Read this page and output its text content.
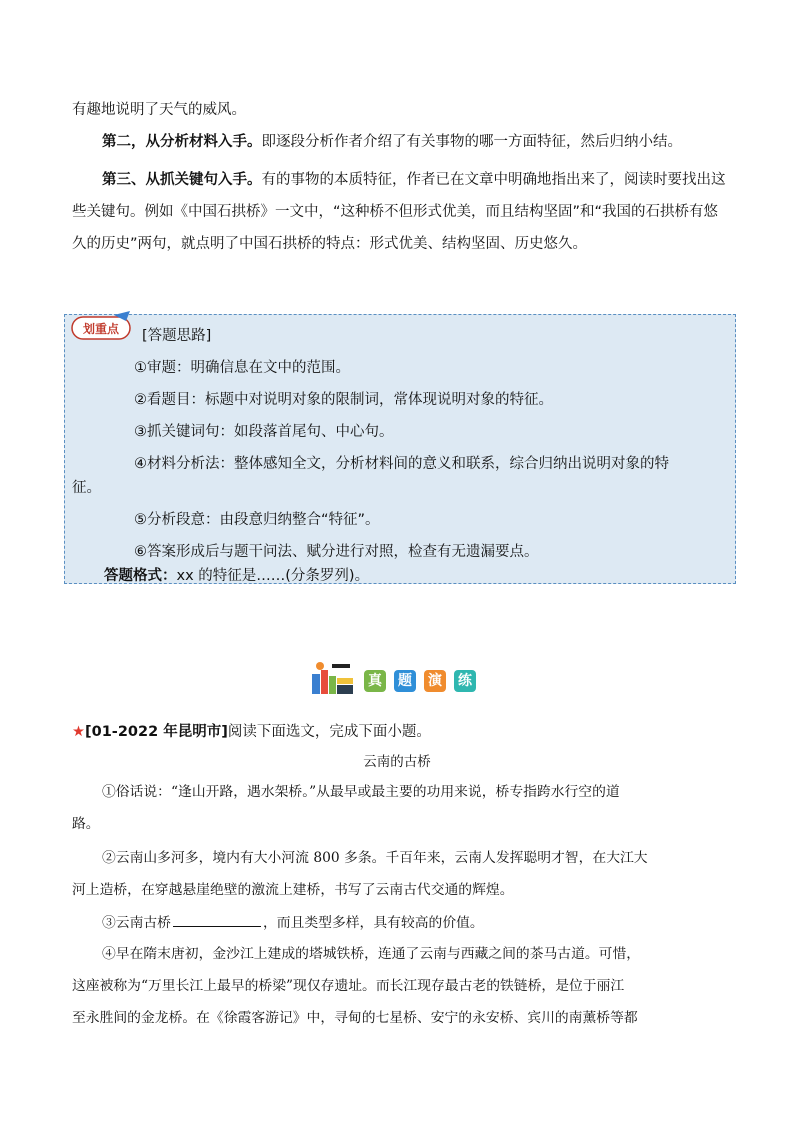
有趣地说明了天气的威风。

第二，从分析材料入手。即逐段分析作者介绍了有关事物的哪一方面特征，然后归纳小结。

第三、从抓关键句入手。有的事物的本质特征，作者已在文章中明确地指出来了，阅读时要找出这些关键句。例如《中国石拱桥》一文中，“这种桥不但形式优美，而且结构坚固”和“我国的石拱桥有悠久的历史”两句，就点明了中国石拱桥的特点：形式优美、结构坚固、历史悠久。

划重点 [答题思路]
①审题：明确信息在文中的范围。
②看题目：标题中对说明对象的限制词，常体现说明对象的特征。
③抓关键词句：如段落首尾句、中心句。
④材料分析法：整体感知全文，分析材料间的意义和联系，综合归纳出说明对象的特
征。
⑤分析段意：由段意归纳整合“特征”。
⑥答案形成后与题干问法、赋分进行对照，检查有无遗漏要点。
答题格式：xx 的特征是……(分条罗列)。
真 题 演 练

★[01-2022 年昆明市]阅读下面选文，完成下面小题。

云南的古桥

①俗话说：“逢山开路，遇水架桥。”从最早或最主要的功用来说，桥专指跨水行空的道

路。

②云南山多河多，境内有大小河流 800 多条。千百年来，云南人发挥聪明才智，在大江大

河上造桥，在穿越悬崖绝壁的激流上建桥，书写了云南古代交通的辉煌。

③云南古桥	，而且类型多样，具有较高的价值。

④早在隋末唐初，金沙江上建成的塔城铁桥，连通了云南与西藏之间的茶马古道。可惜，

这座被称为“万里长江上最早的桥梁”现仅存遗址。而长江现存最古老的铁链桥，是位于丽江

至永胜间的金龙桥。在《徐霞客游记》中，寻甸的七星桥、安宁的永安桥、宾川的南薰桥等都
